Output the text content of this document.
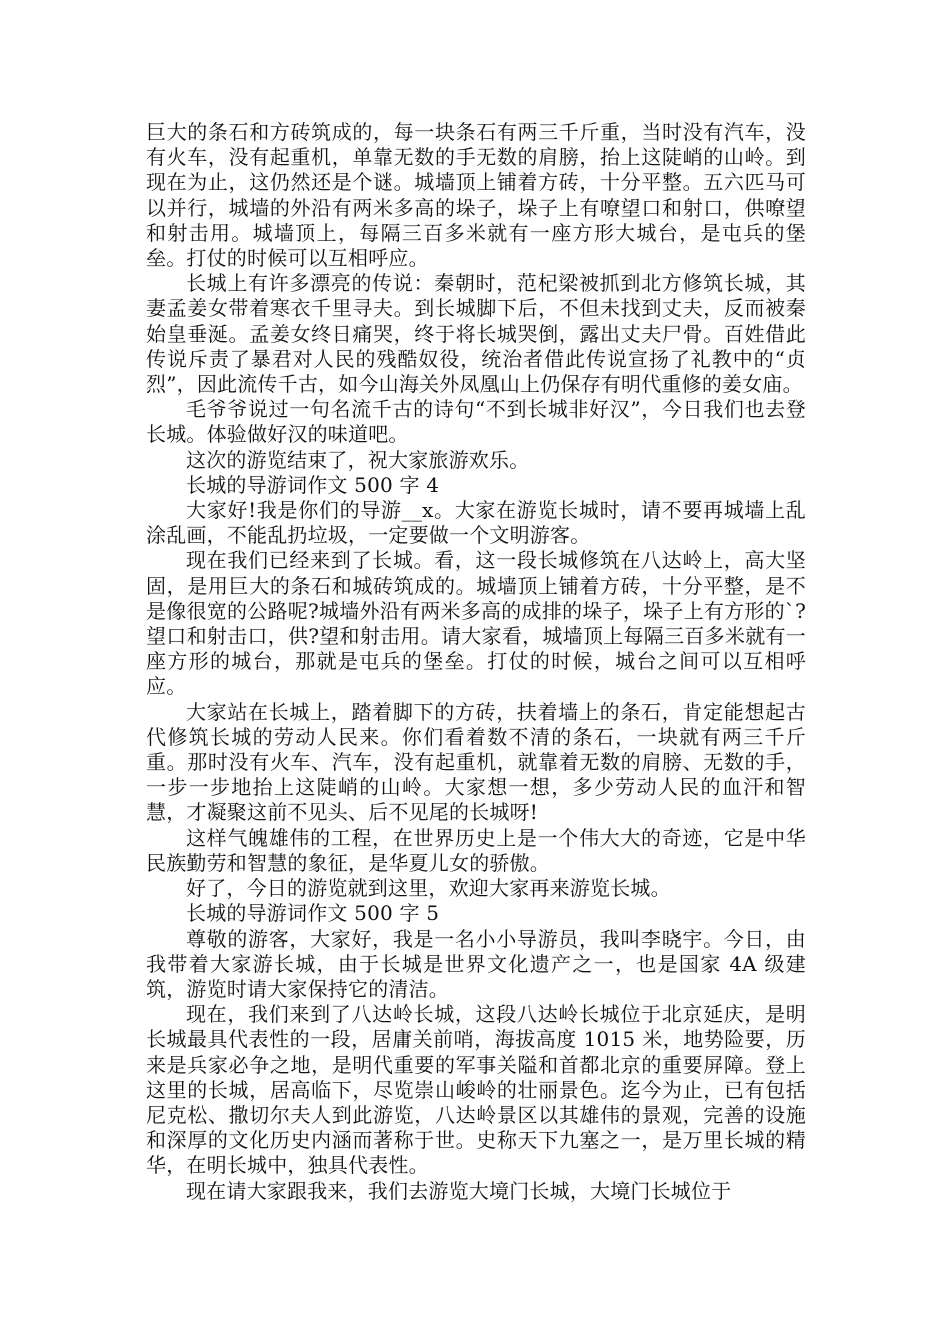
巨大的条石和方砖筑成的，每一块条石有两三千斤重，当时没有汽车，没有火车，没有起重机，单靠无数的手无数的肩膀，抬上这陡峭的山岭。到现在为止，这仍然还是个谜。城墙顶上铺着方砖，十分平整。五六匹马可以并行，城墙的外沿有两米多高的垛子，垛子上有嘹望口和射口，供嘹望和射击用。城墙顶上，每隔三百多米就有一座方形大城台，是屯兵的堡垒。打仗的时候可以互相呼应。

长城上有许多漂亮的传说：秦朝时，范杞梁被抓到北方修筑长城，其妻孟姜女带着寒衣千里寻夫。到长城脚下后，不但未找到丈夫，反而被秦始皇垂涎。孟姜女终日痛哭，终于将长城哭倒，露出丈夫尸骨。百姓借此传说斥责了暴君对人民的残酷奴役，统治者借此传说宣扬了礼教中的“贞烈”，因此流传千古，如今山海关外凤凰山上仍保存有明代重修的姜女庙。

毛爷爷说过一句名流千古的诗句“不到长城非好汉”，今日我们也去登长城。体验做好汉的味道吧。

这次的游览结束了，祝大家旅游欢乐。

长城的导游词作文 500 字 4

大家好!我是你们的导游__x。大家在游览长城时，请不要再城墙上乱涂乱画，不能乱扔垃圾，一定要做一个文明游客。

现在我们已经来到了长城。看，这一段长城修筑在八达岭上，高大坚固，是用巨大的条石和城砖筑成的。城墙顶上铺着方砖，十分平整，是不是像很宽的公路呢?城墙外沿有两米多高的成排的垛子，垛子上有方形的`?望口和射击口，供?望和射击用。请大家看，城墙顶上每隔三百多米就有一座方形的城台，那就是屯兵的堡垒。打仗的时候，城台之间可以互相呼应。

大家站在长城上，踏着脚下的方砖，扶着墙上的条石，肯定能想起古代修筑长城的劳动人民来。你们看着数不清的条石，一块就有两三千斤重。那时没有火车、汽车，没有起重机，就靠着无数的肩膀、无数的手，一步一步地抬上这陡峭的山岭。大家想一想，多少劳动人民的血汗和智慧，才凝聚这前不见头、后不见尾的长城呀!

这样气魄雄伟的工程，在世界历史上是一个伟大大的奇迹，它是中华民族勤劳和智慧的象征，是华夏儿女的骄傲。

好了，今日的游览就到这里，欢迎大家再来游览长城。

长城的导游词作文 500 字 5

尊敬的游客，大家好，我是一名小小导游员，我叫李晓宇。今日，由我带着大家游长城，由于长城是世界文化遗产之一，也是国家 4A 级建筑，游览时请大家保持它的清洁。

现在，我们来到了八达岭长城，这段八达岭长城位于北京延庆，是明长城最具代表性的一段，居庸关前哨，海拔高度 1015 米，地势险要，历来是兵家必争之地，是明代重要的军事关隘和首都北京的重要屏障。登上这里的长城，居高临下，尽览崇山峻岭的壮丽景色。迄今为止，已有包括尼克松、撒切尔夫人到此游览，八达岭景区以其雄伟的景观，完善的设施和深厚的文化历史内涵而著称于世。史称天下九塞之一，是万里长城的精华，在明长城中，独具代表性。

现在请大家跟我来，我们去游览大境门长城，大境门长城位于
